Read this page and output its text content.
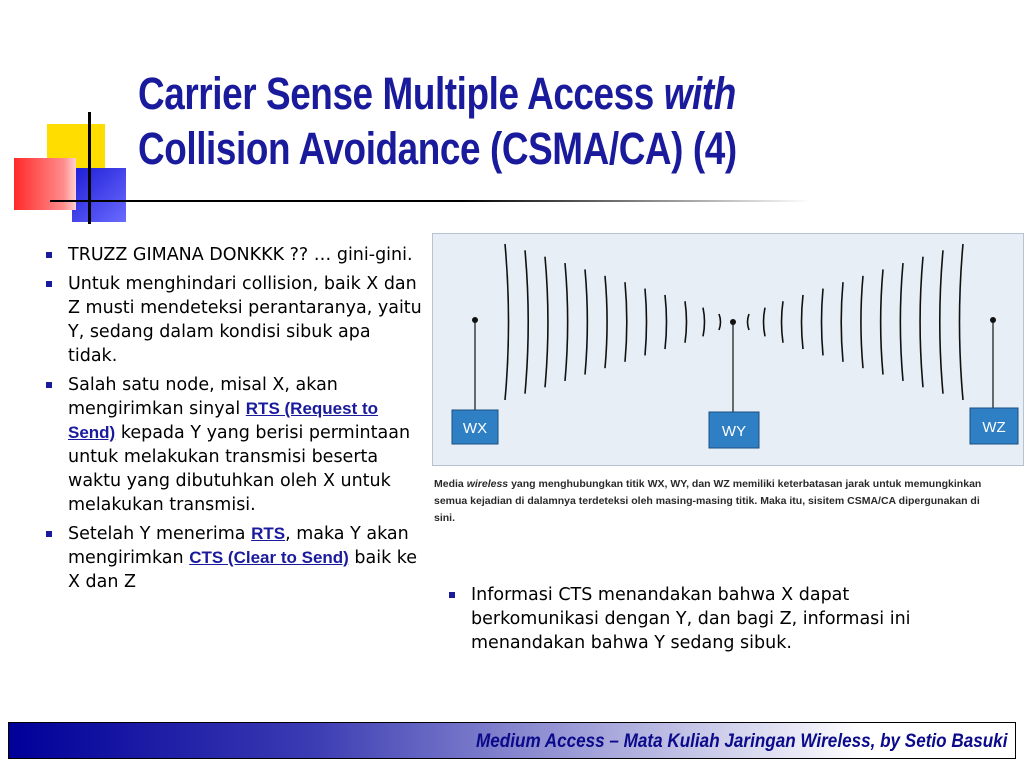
Carrier Sense Multiple Access with
Collision Avoidance (CSMA/CA) (4)
TRUZZ GIMANA DONKKK ?? … gini-gini.
Untuk menghindari collision, baik X dan Z musti mendeteksi perantaranya, yaitu Y, sedang dalam kondisi sibuk apa tidak.
Salah satu node, misal X, akan mengirimkan sinyal RTS (Request to Send) kepada Y yang berisi permintaan untuk melakukan transmisi beserta waktu yang dibutuhkan oleh X untuk melakukan transmisi.
Setelah Y menerima RTS, maka Y akan mengirimkan CTS (Clear to Send) baik ke X dan Z
WX	WY	WZ

Media wireless yang menghubungkan titik WX, WY, dan WZ memiliki keterbatasan jarak untuk memungkinkan semua kejadian di dalamnya terdeteksi oleh masing-masing titik. Maka itu, sisitem CSMA/CA dipergunakan di sini.

Informasi CTS menandakan bahwa X dapat berkomunikasi dengan Y, dan bagi Z, informasi ini menandakan bahwa Y sedang sibuk.
Medium Access – Mata Kuliah Jaringan Wireless, by Setio Basuki
